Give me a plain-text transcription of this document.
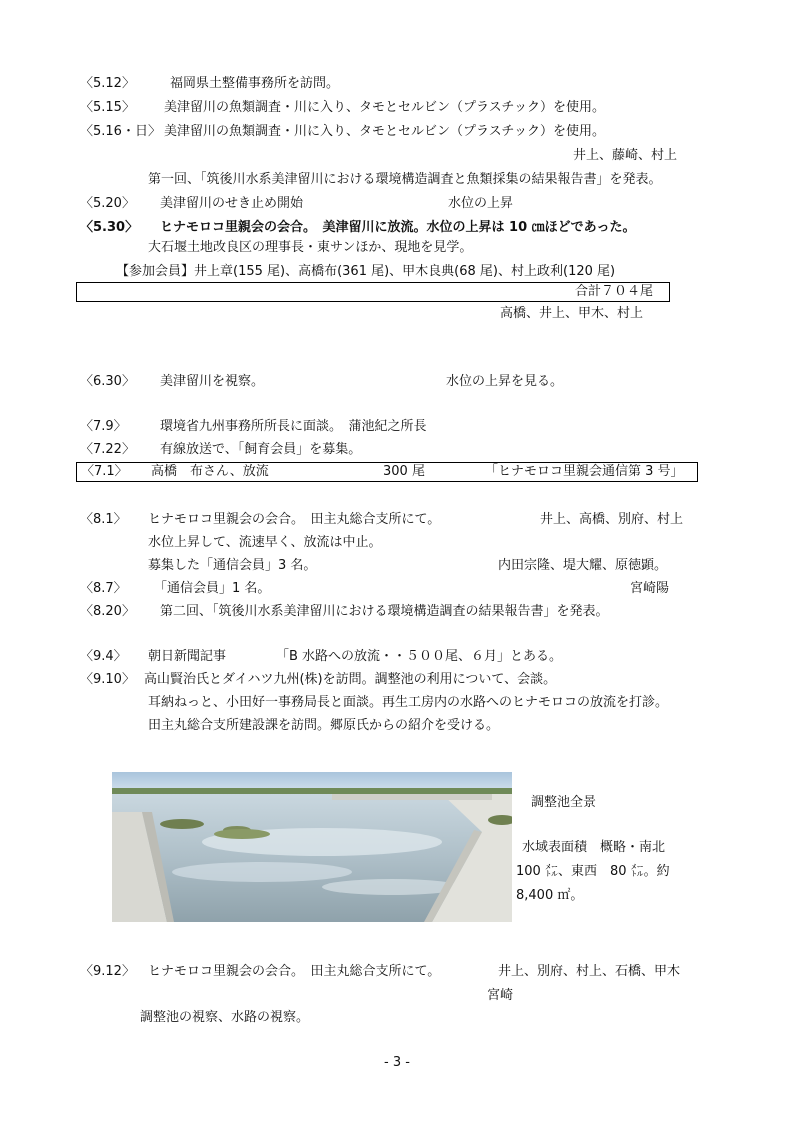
〈5.12〉	福岡県土整備事務所を訪問。
〈5.15〉 美津留川の魚類調査・川に入り、タモとセルビン（プラスチック）を使用。
〈5.16・日〉 美津留川の魚類調査・川に入り、タモとセルビン（プラスチック）を使用。
井上、藤崎、村上
第一回、「筑後川水系美津留川における環境構造調査と魚類採集の結果報告書」を発表。
〈5.20〉 美津留川のせき止め開始	水位の上昇
〈5.30〉 ヒナモロコ里親会の会合。　美津留川に放流。水位の上昇は 10 ㎝ほどであった。
大石堰土地改良区の理事長・東サンほか、現地を見学。
【参加会員】井上章(155 尾)、高橋布(361 尾)、甲木良典(68 尾)、村上政利(120 尾)
合計７０４尾
高橋、井上、甲木、村上
〈6.30〉 美津留川を視察。	水位の上昇を見る。
〈7.9〉	環境省九州事務所所長に面談。　蒲池紀之所長
〈7.22〉 有線放送で、「飼育会員」を募集。
〈7.1〉 高橋　布さん、放流	300 尾	「ヒナモロコ里親会通信第 3 号」
〈8.1〉 ヒナモロコ里親会の会合。　田主丸総合支所にて。	井上、高橋、別府、村上
水位上昇して、流速早く、放流は中止。
募集した「通信会員」3 名。	内田宗隆、堤大耀、原徳顕。
〈8.7〉 「通信会員」1 名。	宮崎陽
〈8.20〉 第二回、「筑後川水系美津留川における環境構造調査の結果報告書」を発表。
〈9.4〉 朝日新聞記事	「B 水路への放流・・５００尾、６月」とある。
〈9.10〉 高山賢治氏とダイハツ九州(株)を訪問。調整池の利用について、会談。
耳納ねっと、小田好一事務局長と面談。再生工房内の水路へのヒナモロコの放流を打診。
田主丸総合支所建設課を訪問。郷原氏からの紹介を受ける。
調整池全景
水域表面積　概略・南北
100 ㍍、東西　80 ㍍。約
8,400 ㎡。
〈9.12〉 ヒナモロコ里親会の会合。　田主丸総合支所にて。	井上、別府、村上、石橋、甲木
宮崎
調整池の視察、水路の視察。
- 3 -
